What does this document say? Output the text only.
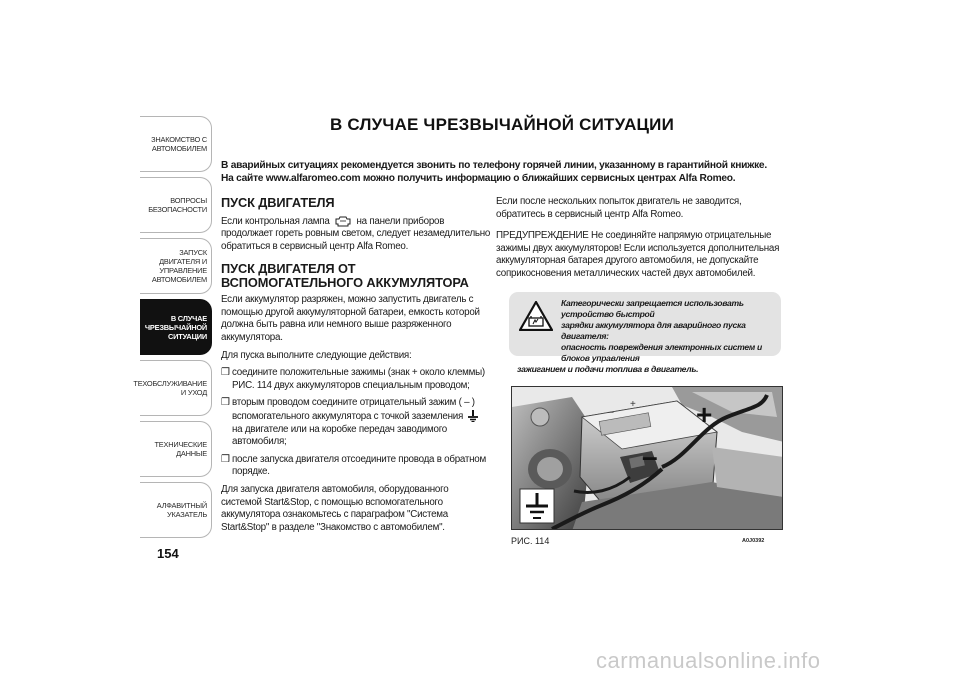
ЗНАКОМСТВО С
АВТОМОБИЛЕМ
ВОПРОСЫ
БЕЗОПАСНОСТИ
ЗАПУСК ДВИГАТЕЛЯ И
УПРАВЛЕНИЕ
АВТОМОБИЛЕМ
В СЛУЧАЕ
ЧРЕЗВЫЧАЙНОЙ
СИТУАЦИИ
ТЕХОБСЛУЖИВАНИЕ
И УХОД
ТЕХНИЧЕСКИЕ
ДАННЫЕ
АЛФАВИТНЫЙ
УКАЗАТЕЛЬ
154
В СЛУЧАЕ ЧРЕЗВЫЧАЙНОЙ СИТУАЦИИ
В аварийных ситуациях рекомендуется звонить по телефону горячей линии, указанному в гарантийной книжке. На сайте www.alfaromeo.com можно получить информацию о ближайших сервисных центрах Alfa Romeo.
ПУСК ДВИГАТЕЛЯ

Если контрольная лампа	на панели приборов продолжает гореть ровным светом, следует незамедлительно обратиться в сервисный центр Alfa Romeo.

ПУСК ДВИГАТЕЛЯ ОТ ВСПОМОГАТЕЛЬНОГО АККУМУЛЯТОРА

Если аккумулятор разряжен, можно запустить двигатель с помощью другой аккумуляторной батареи, емкость которой должна быть равна или немного выше разряженного аккумулятора.

Для пуска выполните следующие действия:

❒ соедините положительные зажимы (знак + около клеммы) РИС. 114 двух аккумуляторов специальным проводом;

❒ вторым проводом соедините отрицательный зажим ( – ) вспомогательного аккумулятора с точкой заземления  на двигателе или на коробке передач заводимого автомобиля;

❒ после запуска двигателя отсоедините провода в обратном порядке.

Для запуска двигателя автомобиля, оборудованного системой Start&Stop, с помощью вспомогательного аккумулятора ознакомьтесь с параграфом "Система Start&Stop" в разделе "Знакомство с автомобилем".

Если после нескольких попыток двигатель не заводится, обратитесь в сервисный центр Alfa Romeo.

ПРЕДУПРЕЖДЕНИЕ Не соединяйте напрямую отрицательные зажимы двух аккумуляторов! Если используется дополнительная аккумуляторная батарея другого автомобиля, не допускайте соприкосновения металлических частей двух автомобилей.

Категорически запрещается использовать устройство быстрой
зарядки аккумулятора для аварийного пуска двигателя:
опасность повреждения электронных систем и блоков управления
зажиганием и подачи топлива в двигатель.
+
–	+
–
РИС. 114	A0J0392
carmanualsonline.info
